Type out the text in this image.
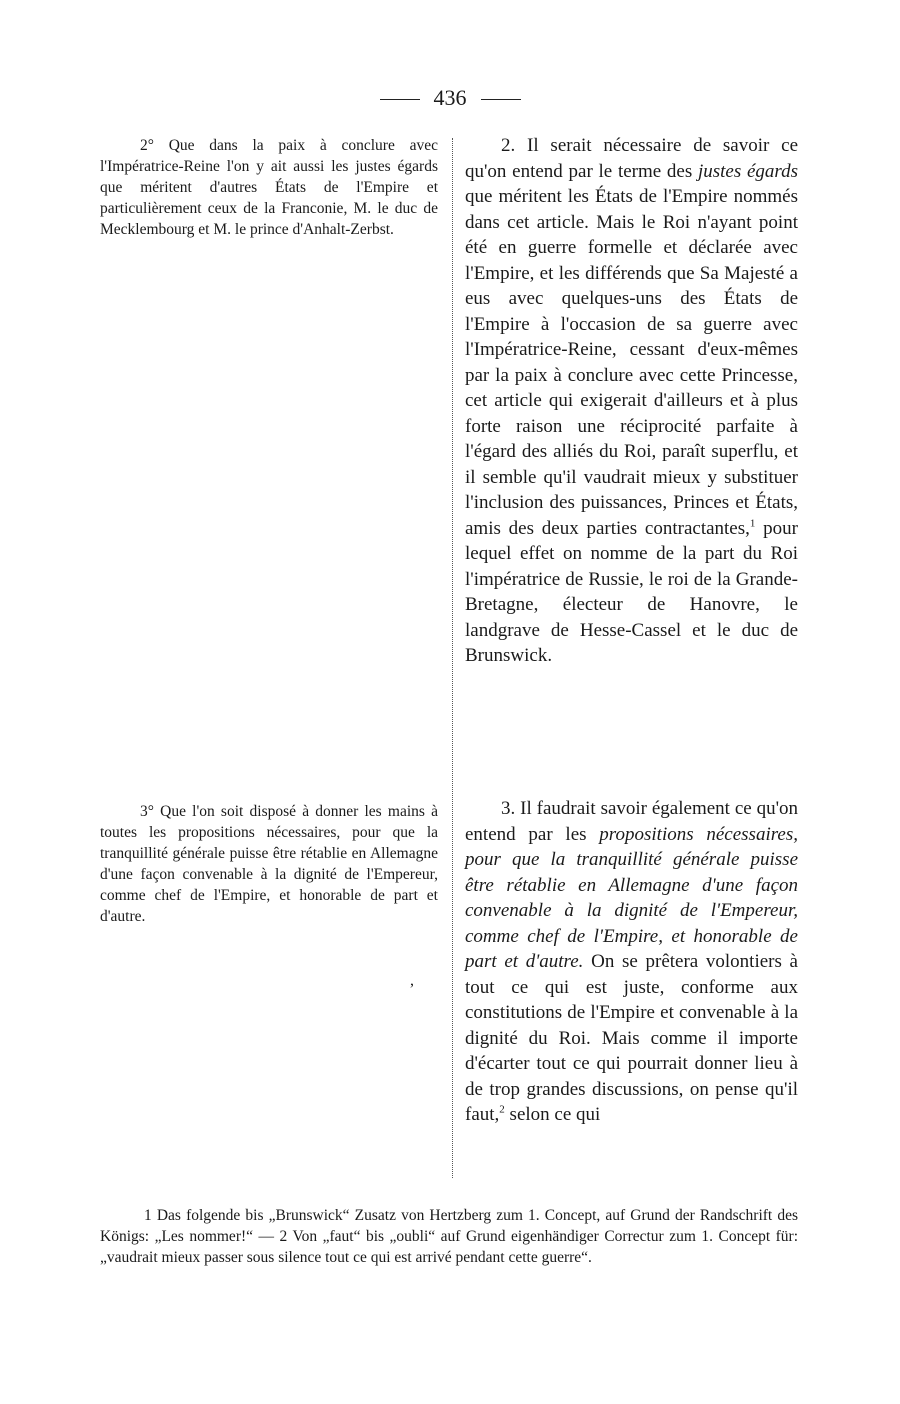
436

2° Que dans la paix à conclure avec l'Impératrice-Reine l'on y ait aussi les justes égards que méritent d'autres États de l'Empire et particulièrement ceux de la Franconie, M. le duc de Mecklembourg et M. le prince d'Anhalt-Zerbst.

3° Que l'on soit disposé à donner les mains à toutes les propositions nécessaires, pour que la tranquillité générale puisse être rétablie en Allemagne d'une façon convenable à la dignité de l'Empereur, comme chef de l'Empire, et honorable de part et d'autre.

2. Il serait nécessaire de savoir ce qu'on entend par le terme des justes égards que méritent les États de l'Empire nommés dans cet article. Mais le Roi n'ayant point été en guerre formelle et déclarée avec l'Empire, et les différends que Sa Majesté a eus avec quelques-uns des États de l'Empire à l'occasion de sa guerre avec l'Impératrice-Reine, cessant d'eux-mêmes par la paix à conclure avec cette Princesse, cet article qui exigerait d'ailleurs et à plus forte raison une réciprocité parfaite à l'égard des alliés du Roi, paraît superflu, et il semble qu'il vaudrait mieux y substituer l'inclusion des puissances, Princes et États, amis des deux parties contractantes,$^1$ pour lequel effet on nomme de la part du Roi l'impératrice de Russie, le roi de la Grande-Bretagne, électeur de Hanovre, le landgrave de Hesse-Cassel et le duc de Brunswick.

3. Il faudrait savoir également ce qu'on entend par les propositions nécessaires, pour que la tranquillité générale puisse être rétablie en Allemagne d'une façon convenable à la dignité de l'Empereur, comme chef de l'Empire, et honorable de part et d'autre. On se prêtera volontiers à tout ce qui est juste, conforme aux constitutions de l'Empire et convenable à la dignité du Roi. Mais comme il importe d'écarter tout ce qui pourrait donner lieu à de trop grandes discussions, on pense qu'il faut,$^2$ selon ce qui

,

1 Das folgende bis „Brunswick“ Zusatz von Hertzberg zum 1. Concept, auf Grund der Randschrift des Königs: „Les nommer!“ — 2 Von „faut“ bis „oubli“ auf Grund eigenhändiger Correctur zum 1. Concept für: „vaudrait mieux passer sous silence tout ce qui est arrivé pendant cette guerre“.
